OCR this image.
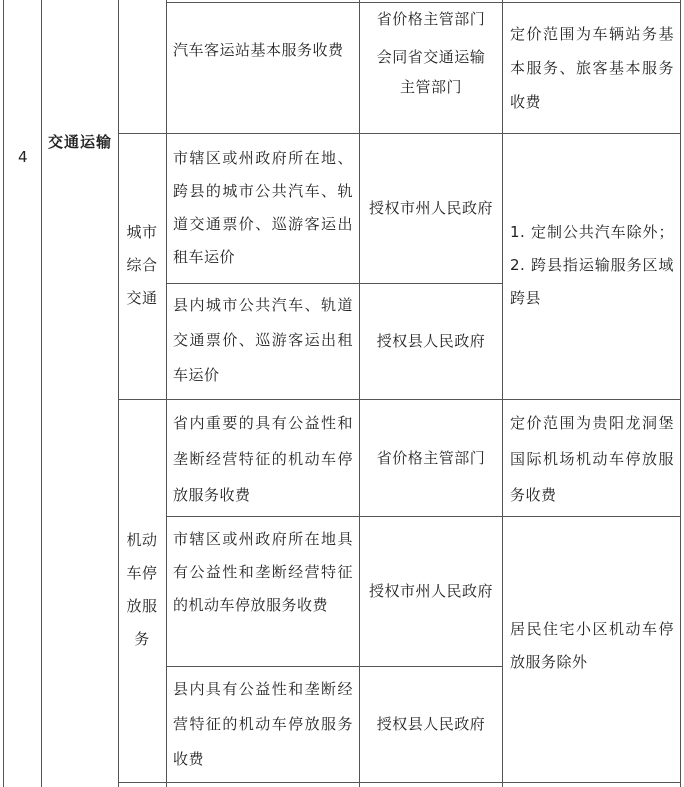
4
交通运输
汽车客运站基本服务收费
省价格主管部门
会同省交通运输
主管部门
定价范围为车辆站务基本服务、旅客基本服务收费
城市综合交通
市辖区或州政府所在地、跨县的城市公共汽车、轨道交通票价、巡游客运出租车运价
授权市州人民政府
县内城市公共汽车、轨道交通票价、巡游客运出租车运价
授权县人民政府
1. 定制公共汽车除外；2. 跨县指运输服务区域跨县
机动车停放服务
省内重要的具有公益性和垄断经营特征的机动车停放服务收费
省价格主管部门
定价范围为贵阳龙洞堡国际机场机动车停放服务收费
市辖区或州政府所在地具有公益性和垄断经营特征的机动车停放服务收费
授权市州人民政府
县内具有公益性和垄断经营特征的机动车停放服务收费
授权县人民政府
居民住宅小区机动车停放服务除外
